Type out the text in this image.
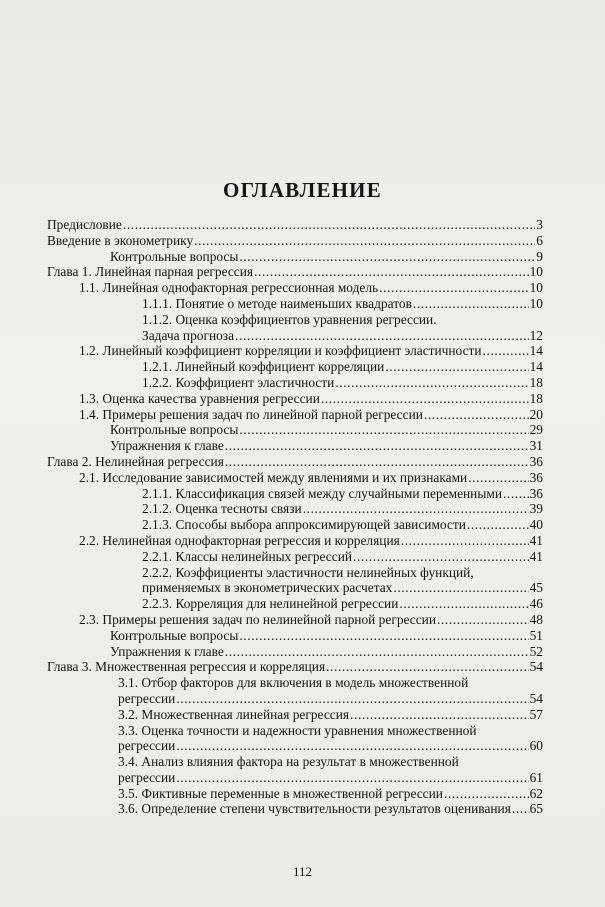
ОГЛАВЛЕНИЕ
Предисловие .....	3
Введение в эконометрику .....	6
Контрольные вопросы .....	9
Глава 1. Линейная парная регрессия .....	10
1.1. Линейная однофакторная регрессионная модель .....	10
1.1.1. Понятие о методе наименьших квадратов .....	10
1.1.2. Оценка коэффициентов уравнения регрессии.
Задача прогноза .....	12
1.2. Линейный коэффициент корреляции и коэффициент эластичности .....	14
1.2.1. Линейный коэффициент корреляции .....	14
1.2.2. Коэффициент эластичности .....	18
1.3. Оценка качества уравнения регрессии .....	18
1.4. Примеры решения задач по линейной парной регрессии .....	20
Контрольные вопросы .....	29
Упражнения к главе .....	31
Глава 2. Нелинейная регрессия .....	36
2.1. Исследование зависимостей между явлениями и их признаками .....	36
2.1.1. Классификация связей между случайными переменными ..... 36
2.1.2. Оценка тесноты связи .....	39
2.1.3. Способы выбора аппроксимирующей зависимости .....	40
2.2. Нелинейная однофакторная регрессия и корреляция .....	41
2.2.1. Классы нелинейных регрессий .....	41
2.2.2. Коэффициенты эластичности нелинейных функций,
применяемых в эконометрических расчетах .....	45
2.2.3. Корреляция для нелинейной регрессии .....	46
2.3. Примеры решения задач по нелинейной парной регрессии .....	48
Контрольные вопросы .....	51
Упражнения к главе .....	52
Глава 3. Множественная регрессия и корреляция .....	54
3.1. Отбор факторов для включения в модель множественной
регрессии .....	54
3.2. Множественная линейная регрессия .....	57
3.3. Оценка точности и надежности уравнения множественной
регрессии .....	60
3.4. Анализ влияния фактора на результат в множественной
регрессии .....	61
3.5. Фиктивные переменные в множественной регрессии .....	62
3.6. Определение степени чувствительности результатов оценивания ..... 65
112
